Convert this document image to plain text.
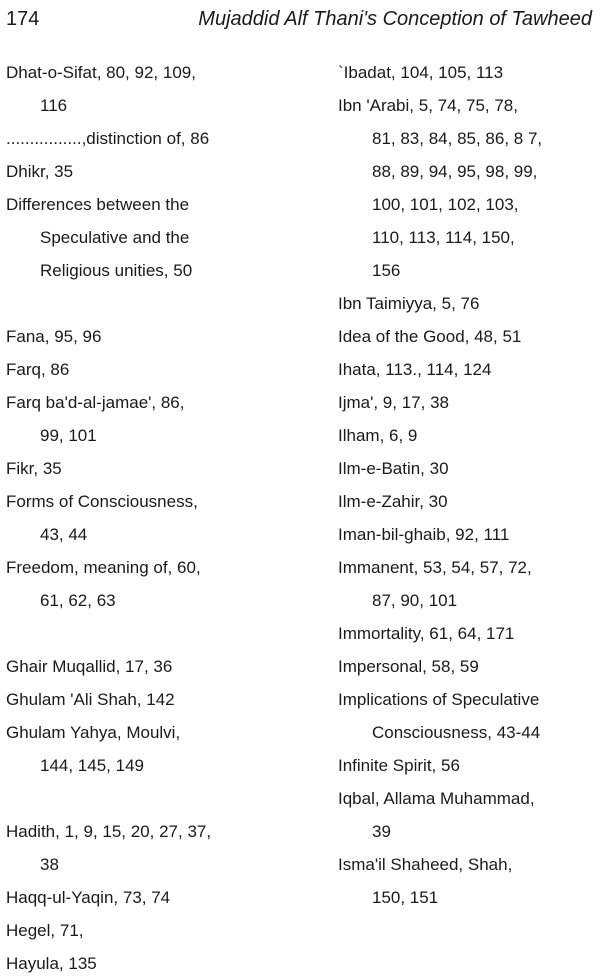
174	Mujaddid Alf Thani's Conception of Tawheed
Dhat-o-Sifat, 80, 92, 109,
116
................,distinction of, 86
Dhikr, 35
Differences between the
Speculative and the
Religious unities, 50
Fana, 95, 96
Farq, 86
Farq ba'd-al-jamae', 86,
99, 101
Fikr, 35
Forms of Consciousness,
43, 44
Freedom, meaning of, 60,
61, 62, 63
Ghair Muqallid, 17, 36
Ghulam 'Ali Shah, 142
Ghulam Yahya, Moulvi,
144, 145, 149
Hadith, 1, 9, 15, 20, 27, 37,
38
Haqq-ul-Yaqin, 73, 74
Hegel, 71,
Hayula, 135
`Ibadat, 104, 105, 113
Ibn 'Arabi, 5, 74, 75, 78,
81, 83, 84, 85, 86, 8 7,
88, 89, 94, 95, 98, 99,
100, 101, 102, 103,
110, 113, 114, 150,
156
Ibn Taimiyya, 5, 76
Idea of the Good, 48, 51
Ihata, 113., 114, 124
Ijma', 9, 17, 38
Ilham, 6, 9
Ilm-e-Batin, 30
Ilm-e-Zahir, 30
Iman-bil-ghaib, 92, 111
Immanent, 53, 54, 57, 72,
87, 90, 101
Immortality, 61, 64, 171
Impersonal, 58, 59
Implications of Speculative
Consciousness, 43-44
Infinite Spirit, 56
Iqbal, Allama Muhammad,
39
Isma'il Shaheed, Shah,
150, 151
